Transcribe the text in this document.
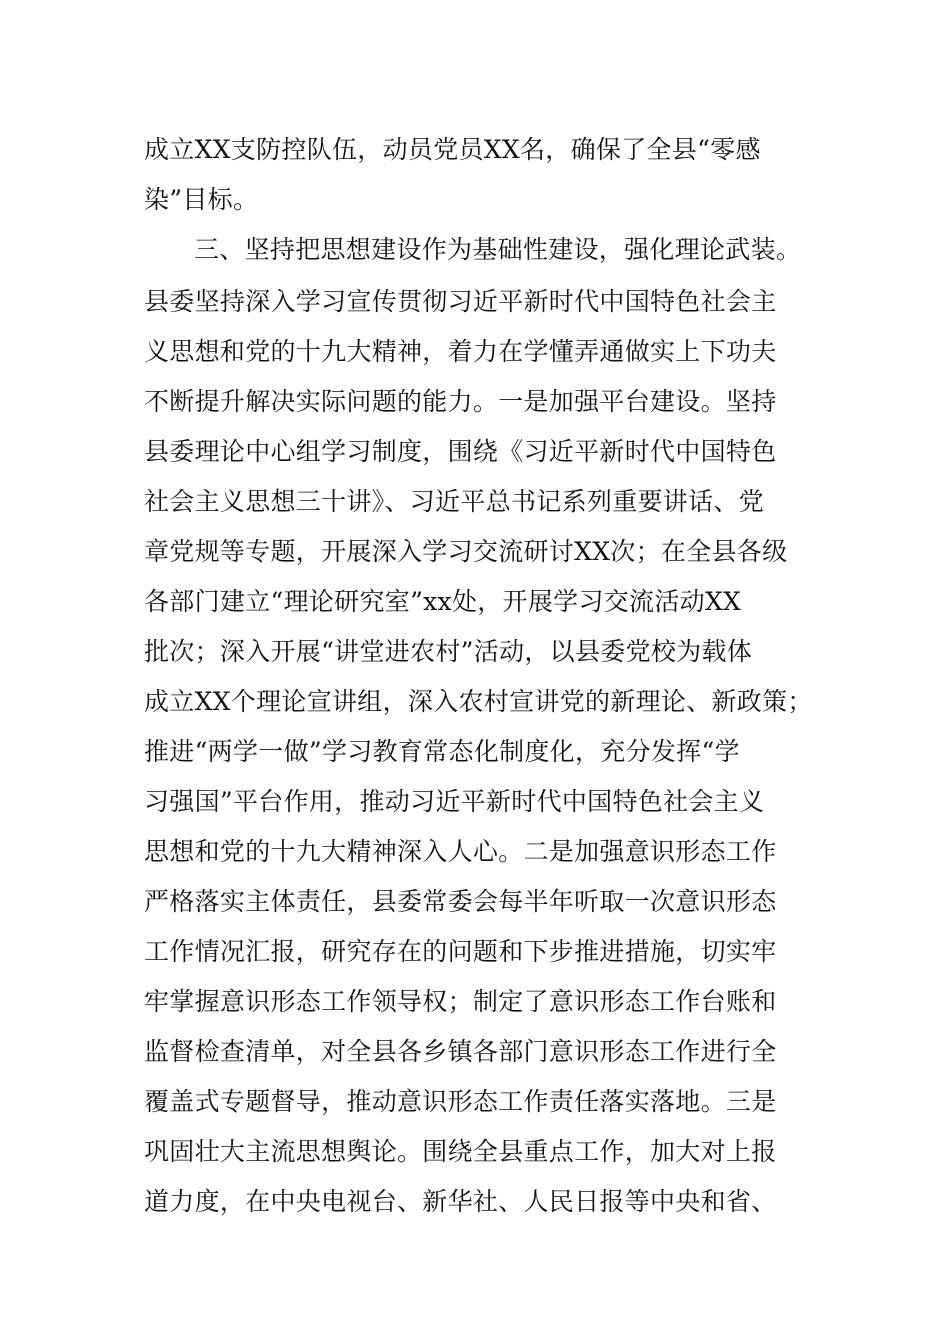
成立XX支防控队伍，动员党员XX名，确保了全县“零感
染”目标。
三、坚持把思想建设作为基础性建设，强化理论武装。
县委坚持深入学习宣传贯彻习近平新时代中国特色社会主
义思想和党的十九大精神，着力在学懂弄通做实上下功夫
不断提升解决实际问题的能力。一是加强平台建设。坚持
县委理论中心组学习制度，围绕《习近平新时代中国特色
社会主义思想三十讲》、习近平总书记系列重要讲话、党
章党规等专题，开展深入学习交流研讨XX次；在全县各级
各部门建立“理论研究室”xx处，开展学习交流活动XX
批次；深入开展“讲堂进农村”活动，以县委党校为载体
成立XX个理论宣讲组，深入农村宣讲党的新理论、新政策；
推进“两学一做”学习教育常态化制度化，充分发挥“学
习强国”平台作用，推动习近平新时代中国特色社会主义
思想和党的十九大精神深入人心。二是加强意识形态工作
严格落实主体责任，县委常委会每半年听取一次意识形态
工作情况汇报，研究存在的问题和下步推进措施，切实牢
牢掌握意识形态工作领导权；制定了意识形态工作台账和
监督检查清单，对全县各乡镇各部门意识形态工作进行全
覆盖式专题督导，推动意识形态工作责任落实落地。三是
巩固壮大主流思想舆论。围绕全县重点工作，加大对上报
道力度，在中央电视台、新华社、人民日报等中央和省、
